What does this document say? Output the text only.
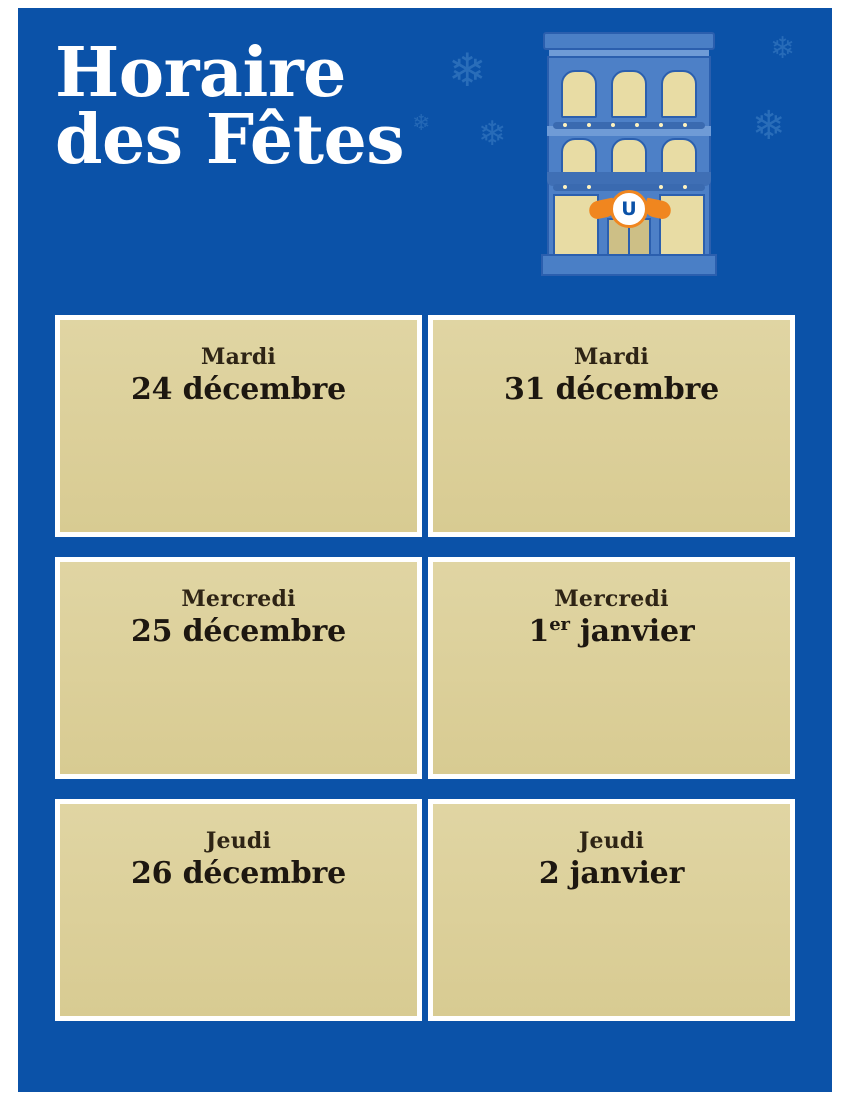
❄
❄ ❄
❄
❄
Horaire
des Fêtes
U
Mardi
24 décembre
Mardi
31 décembre
Mercredi
25 décembre
Mercredi
1er janvier
Jeudi
26 décembre
Jeudi
2 janvier
